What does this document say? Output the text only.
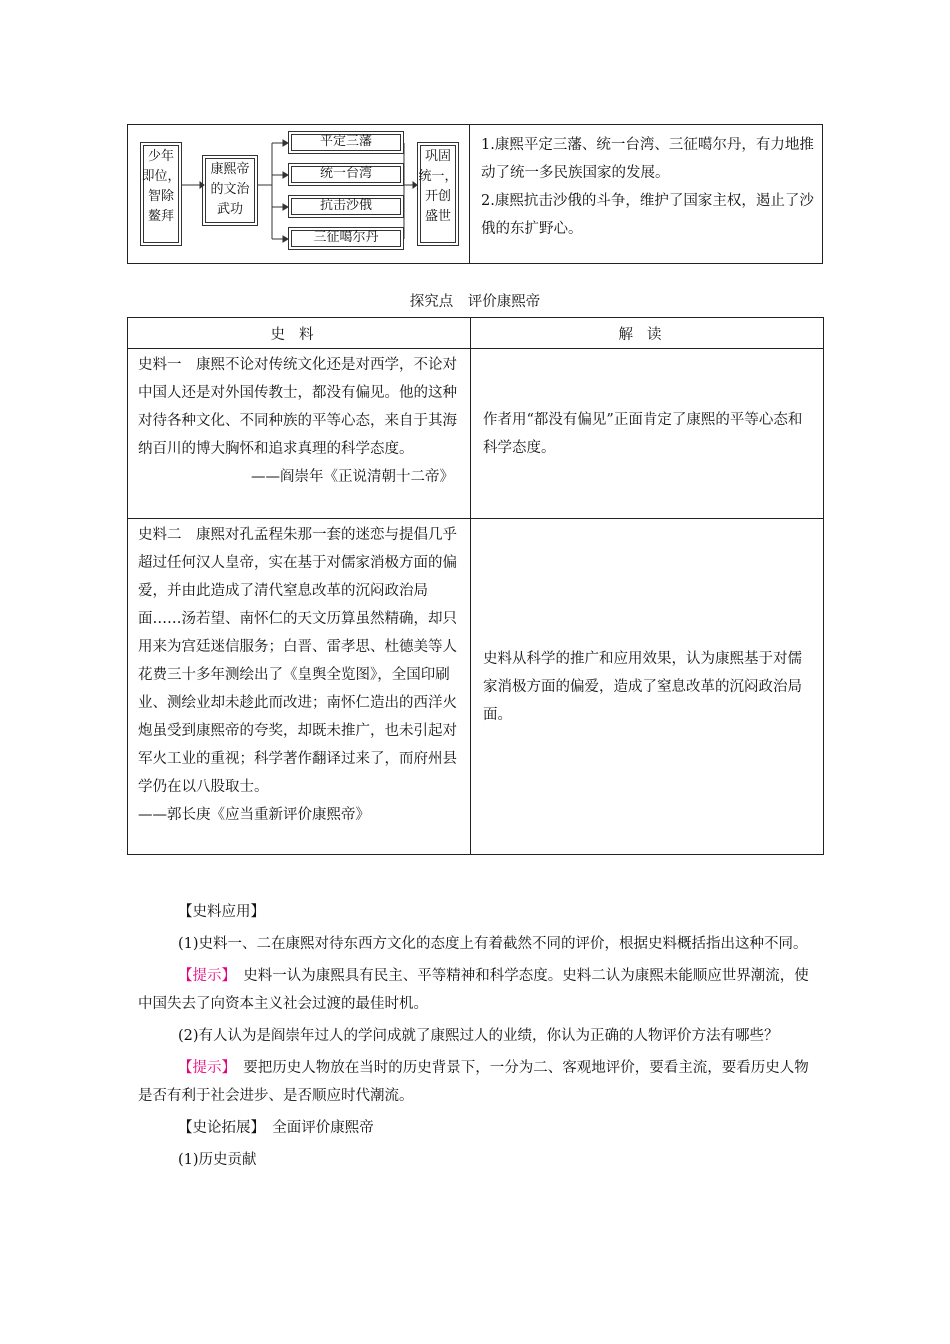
少年
即位，
智除
鳌拜
康熙帝
的文治
武功
平定三藩
统一台湾
抗击沙俄
三征噶尔丹
巩固
统一，
开创
盛世
1.康熙平定三藩、统一台湾、三征噶尔丹，有力地推动了统一多民族国家的发展。
2.康熙抗击沙俄的斗争，维护了国家主权，遏止了沙俄的东扩野心。
探究点　评价康熙帝
史料	解读

史料一　康熙不论对传统文化还是对西学，不论对中国人还是对外国传教士，都没有偏见。他的这种对待各种文化、不同种族的平等心态，来自于其海纳百川的博大胸怀和追求真理的科学态度。
——阎崇年《正说清朝十二帝》	作者用“都没有偏见”正面肯定了康熙的平等心态和科学态度。

史料二　康熙对孔孟程朱那一套的迷恋与提倡几乎超过任何汉人皇帝，实在基于对儒家消极方面的偏爱，并由此造成了清代窒息改革的沉闷政治局面……汤若望、南怀仁的天文历算虽然精确，却只用来为宫廷迷信服务；白晋、雷孝思、杜德美等人花费三十多年测绘出了《皇舆全览图》，全国印刷业、测绘业却未趁此而改进；南怀仁造出的西洋火炮虽受到康熙帝的夸奖，却既未推广，也未引起对军火工业的重视；科学著作翻译过来了，而府州县学仍在以八股取士。
——郭长庚《应当重新评价康熙帝》	史料从科学的推广和应用效果，认为康熙基于对儒家消极方面的偏爱，造成了窒息改革的沉闷政治局面。

【史料应用】

(1)史料一、二在康熙对待东西方文化的态度上有着截然不同的评价，根据史料概括指出这种不同。

【提示】　 史料一认为康熙具有民主、平等精神和科学态度。史料二认为康熙未能顺应世界潮流，使中国失去了向资本主义社会过渡的最佳时机。

(2)有人认为是阎崇年过人的学问成就了康熙过人的业绩，你认为正确的人物评价方法有哪些？

【提示】　 要把历史人物放在当时的历史背景下，一分为二、客观地评价，要看主流，要看历史人物是否有利于社会进步、是否顺应时代潮流。

【史论拓展】　 全面评价康熙帝

(1)历史贡献
